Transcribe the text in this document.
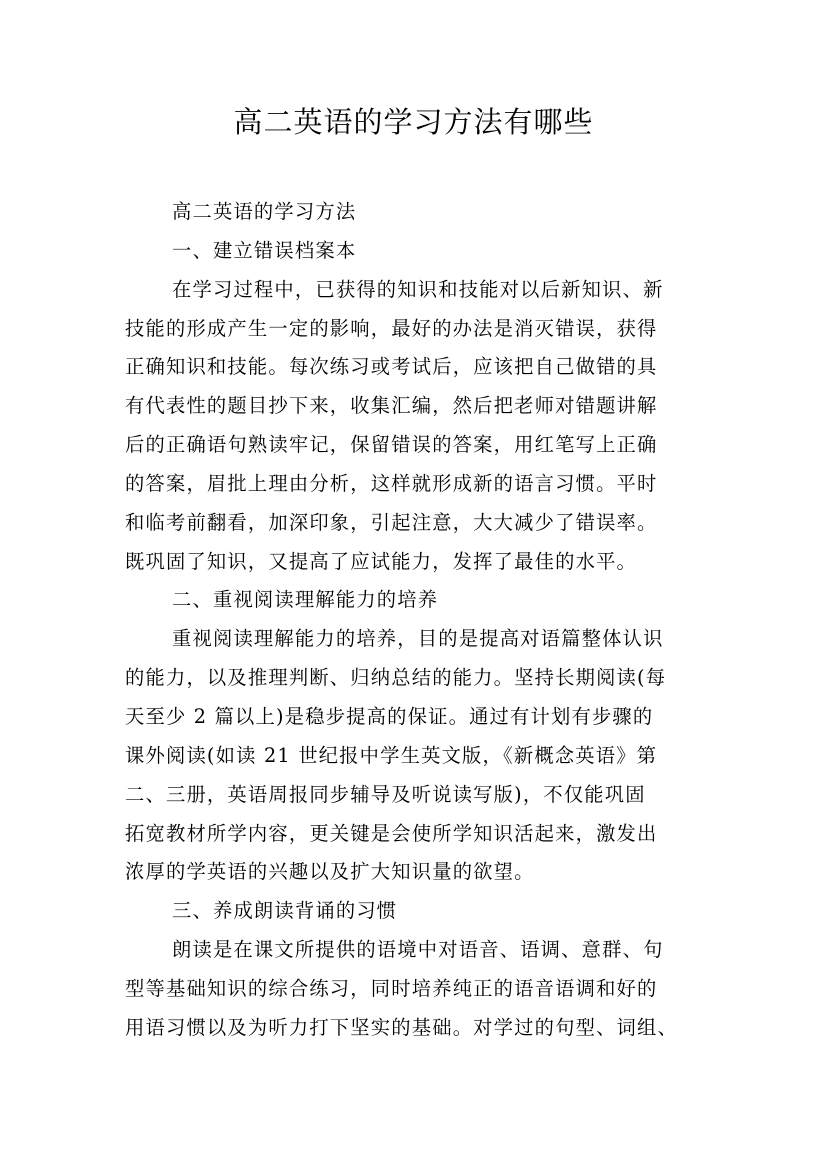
高二英语的学习方法有哪些
高二英语的学习方法
一、建立错误档案本
在学习过程中，已获得的知识和技能对以后新知识、新
技能的形成产生一定的影响，最好的办法是消灭错误，获得
正确知识和技能。每次练习或考试后，应该把自己做错的具
有代表性的题目抄下来，收集汇编，然后把老师对错题讲解
后的正确语句熟读牢记，保留错误的答案，用红笔写上正确
的答案，眉批上理由分析，这样就形成新的语言习惯。平时
和临考前翻看，加深印象，引起注意，大大减少了错误率。
既巩固了知识，又提高了应试能力，发挥了最佳的水平。
二、重视阅读理解能力的培养
重视阅读理解能力的培养，目的是提高对语篇整体认识
的能力，以及推理判断、归纳总结的能力。坚持长期阅读(每
天至少 2 篇以上)是稳步提高的保证。通过有计划有步骤的
课外阅读(如读 21 世纪报中学生英文版，《新概念英语》第
二、三册，英语周报同步辅导及听说读写版)，不仅能巩固
拓宽教材所学内容，更关键是会使所学知识活起来，激发出
浓厚的学英语的兴趣以及扩大知识量的欲望。
三、养成朗读背诵的习惯
朗读是在课文所提供的语境中对语音、语调、意群、句
型等基础知识的综合练习，同时培养纯正的语音语调和好的
用语习惯以及为听力打下坚实的基础。对学过的句型、词组、
